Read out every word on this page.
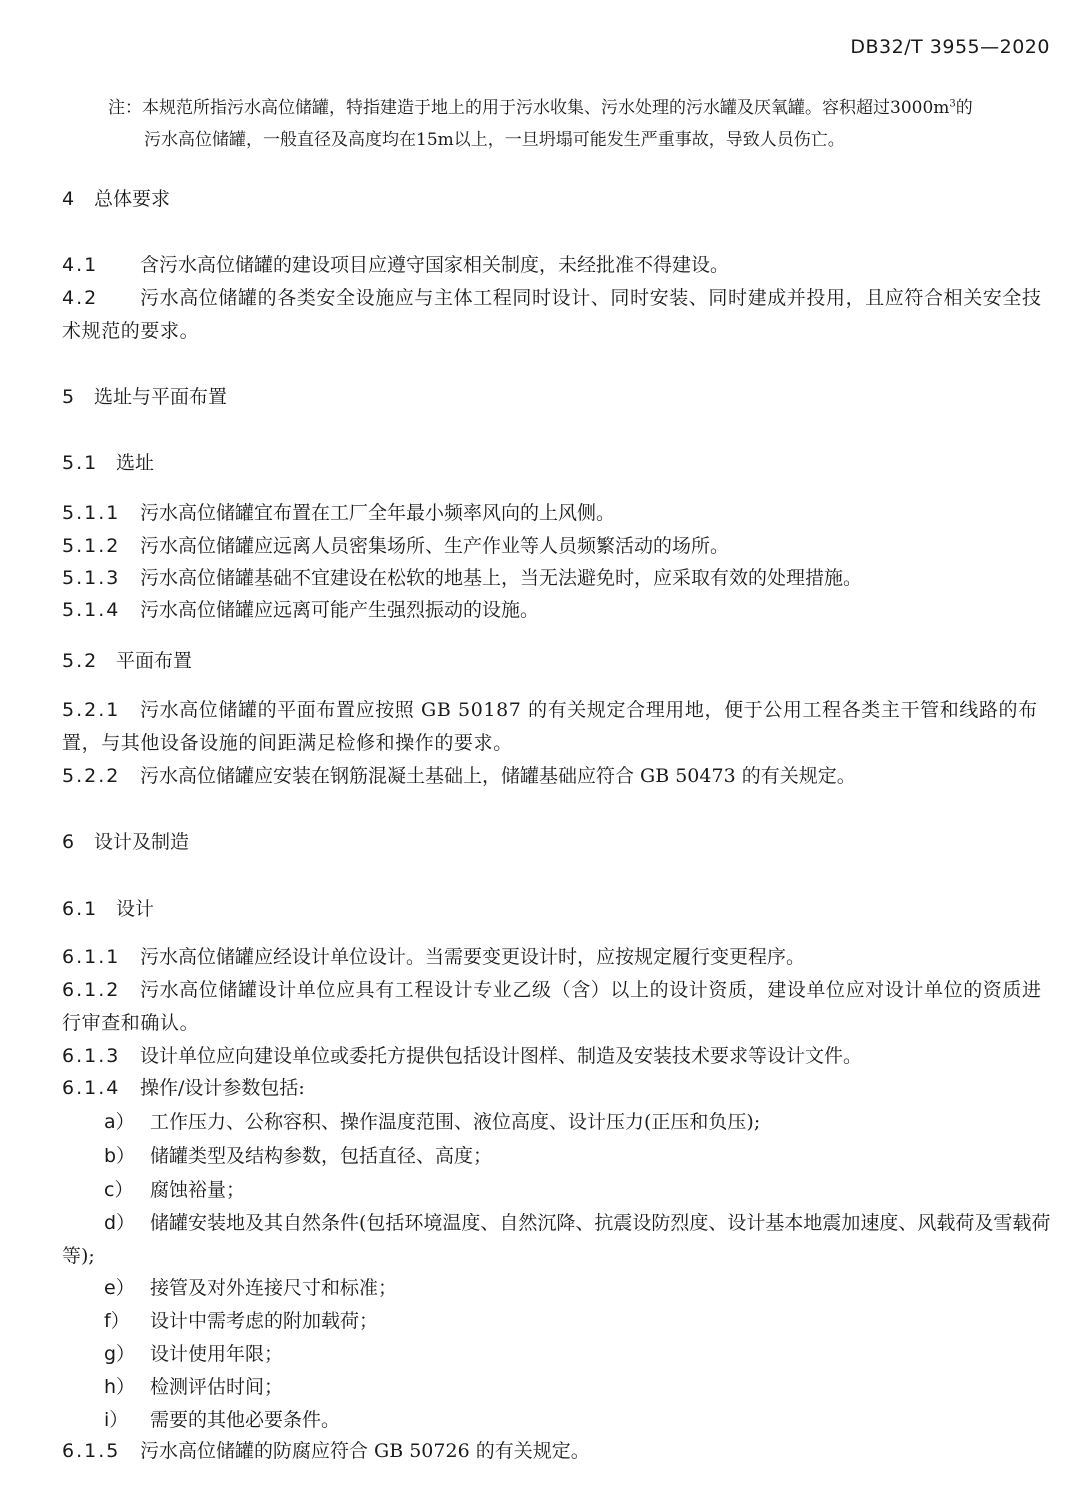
DB32/T 3955—2020
注：本规范所指污水高位储罐，特指建造于地上的用于污水收集、污水处理的污水罐及厌氧罐。容积超过$3000m^3$的
污水高位储罐，一般直径及高度均在15m以上，一旦坍塌可能发生严重事故，导致人员伤亡。
4 总体要求
4.1 含污水高位储罐的建设项目应遵守国家相关制度，未经批准不得建设。
4.2 污水高位储罐的各类安全设施应与主体工程同时设计、同时安装、同时建成并投用，且应符合相关安全技术规范的要求。
5 选址与平面布置
5.1 选址
5.1.1 污水高位储罐宜布置在工厂全年最小频率风向的上风侧。
5.1.2 污水高位储罐应远离人员密集场所、生产作业等人员频繁活动的场所。
5.1.3 污水高位储罐基础不宜建设在松软的地基上，当无法避免时，应采取有效的处理措施。
5.1.4 污水高位储罐应远离可能产生强烈振动的设施。
5.2 平面布置
5.2.1 污水高位储罐的平面布置应按照 GB 50187 的有关规定合理用地，便于公用工程各类主干管和线路的布置，与其他设备设施的间距满足检修和操作的要求。
5.2.2 污水高位储罐应安装在钢筋混凝土基础上，储罐基础应符合 GB 50473 的有关规定。
6 设计及制造
6.1 设计
6.1.1 污水高位储罐应经设计单位设计。当需要变更设计时，应按规定履行变更程序。
6.1.2 污水高位储罐设计单位应具有工程设计专业乙级（含）以上的设计资质，建设单位应对设计单位的资质进行审查和确认。
6.1.3 设计单位应向建设单位或委托方提供包括设计图样、制造及安装技术要求等设计文件。
6.1.4 操作/设计参数包括:
a） 工作压力、公称容积、操作温度范围、液位高度、设计压力(正压和负压);
b） 储罐类型及结构参数，包括直径、高度；
c） 腐蚀裕量；
d） 储罐安装地及其自然条件(包括环境温度、自然沉降、抗震设防烈度、设计基本地震加速度、风载荷及雪载荷等);
e） 接管及对外连接尺寸和标准；
f） 设计中需考虑的附加载荷；
g） 设计使用年限；
h） 检测评估时间；
i） 需要的其他必要条件。
6.1.5 污水高位储罐的防腐应符合 GB 50726 的有关规定。
